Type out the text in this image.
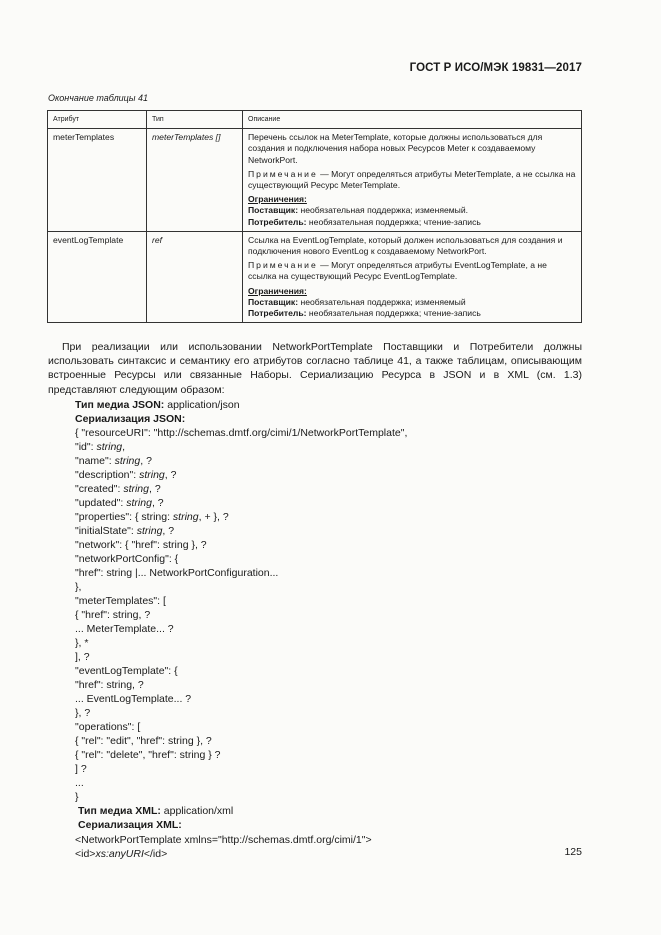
ГОСТ Р ИСО/МЭК 19831—2017
Окончание таблицы 41
Атрибут	Тип	Описание
meterTemplates	meterTemplates []	Перечень ссылок на MeterTemplate, которые должны использоваться для создания и подключения набора новых Ресурсов Meter к создаваемому NetworkPort.

Примечание — Могут определяться атрибуты MeterTemplate, а не ссылка на существующий Ресурс MeterTemplate.

Ограничения:
Поставщик: необязательная поддержка; изменяемый.
Потребитель: необязательная поддержка; чтение-запись

eventLogTemplate	ref	Ссылка на EventLogTemplate, который должен использоваться для создания и подключения нового EventLog к создаваемому NetworkPort.

Примечание — Могут определяться атрибуты EventLogTemplate, а не ссылка на существующий Ресурс EventLogTemplate.

Ограничения:
Поставщик: необязательная поддержка; изменяемый
Потребитель: необязательная поддержка; чтение-запись
При реализации или использовании NetworkPortTemplate Поставщики и Потребители должны использовать синтаксис и семантику его атрибутов согласно таблице 41, а также таблицам, описывающим встроенные Ресурсы или связанные Наборы. Сериализацию Ресурса в JSON и в XML (см. 1.3) представляют следующим образом:
Тип медиа JSON: application/json
Сериализация JSON:
{ "resourceURI": "http://schemas.dmtf.org/cimi/1/NetworkPortTemplate",
"id": string,
"name": string, ?
"description": string, ?
"created": string, ?
"updated": string, ?
"properties": { string: string, + }, ?
"initialState": string, ?
"network": { "href": string }, ?
"networkPortConfig": {
"href": string |... NetworkPortConfiguration...
},
"meterTemplates": [
{ "href": string, ?
... MeterTemplate... ?
}, *
], ?
"eventLogTemplate": {
"href": string, ?
... EventLogTemplate... ?
}, ?
"operations": [
{ "rel": "edit", "href": string }, ?
{ "rel": "delete", "href": string } ?
] ?
...
}
Тип медиа XML: application/xml
Сериализация XML:
<NetworkPortTemplate xmlns="http://schemas.dmtf.org/cimi/1">
<id>xs:anyURI</id>	125
